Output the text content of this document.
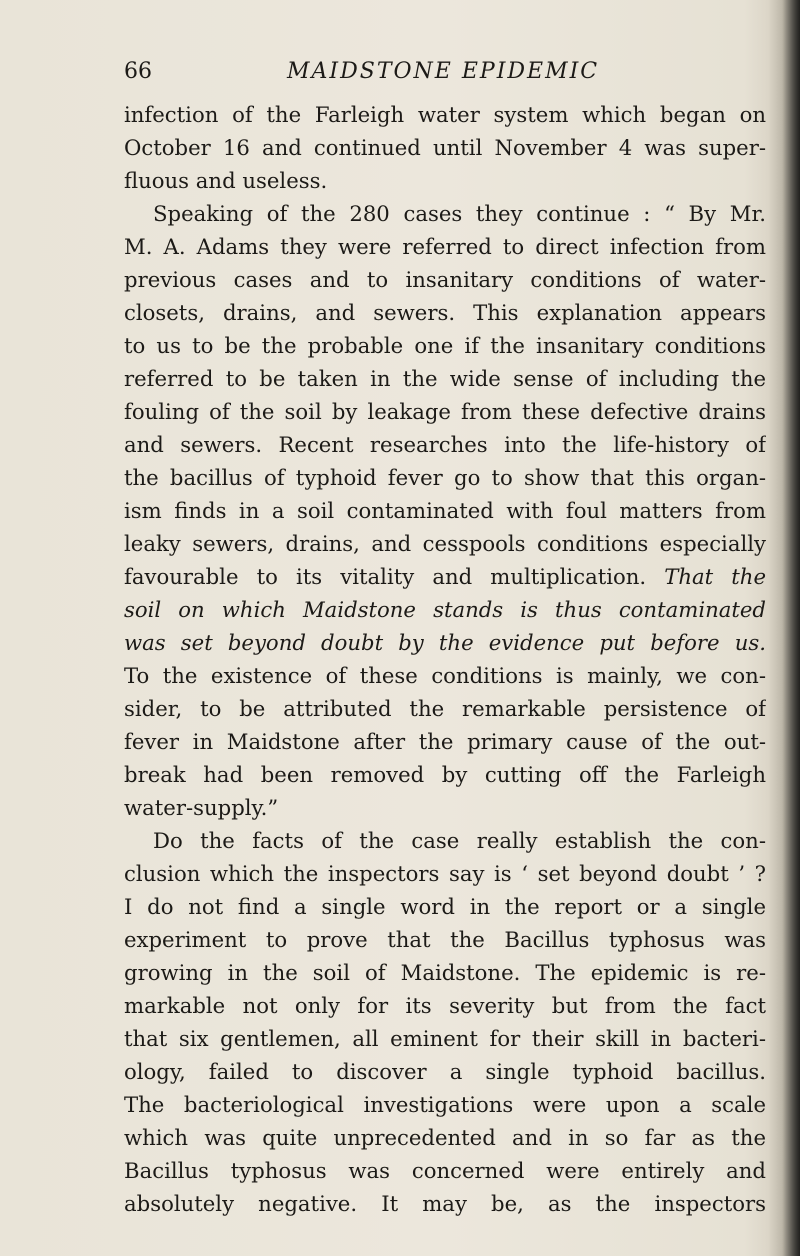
66	MAIDSTONE EPIDEMIC
infection of the Farleigh water system which began on
October 16 and continued until November 4 was super-
fluous and useless.
Speaking of the 280 cases they continue : “ By Mr.
M. A. Adams they were referred to direct infection from
previous cases and to insanitary conditions of water-
closets, drains, and sewers. This explanation appears
to us to be the probable one if the insanitary conditions
referred to be taken in the wide sense of including the
fouling of the soil by leakage from these defective drains
and sewers. Recent researches into the life-history of
the bacillus of typhoid fever go to show that this organ-
ism finds in a soil contaminated with foul matters from
leaky sewers, drains, and cesspools conditions especially
favourable to its vitality and multiplication. That the
soil on which Maidstone stands is thus contaminated
was set beyond doubt by the evidence put before us.
To the existence of these conditions is mainly, we con-
sider, to be attributed the remarkable persistence of
fever in Maidstone after the primary cause of the out-
break had been removed by cutting off the Farleigh
water-supply.”
Do the facts of the case really establish the con-
clusion which the inspectors say is ‘ set beyond doubt ’ ?
I do not find a single word in the report or a single
experiment to prove that the Bacillus typhosus was
growing in the soil of Maidstone. The epidemic is re-
markable not only for its severity but from the fact
that six gentlemen, all eminent for their skill in bacteri-
ology, failed to discover a single typhoid bacillus.
The bacteriological investigations were upon a scale
which was quite unprecedented and in so far as the
Bacillus typhosus was concerned were entirely and
absolutely negative. It may be, as the inspectors
